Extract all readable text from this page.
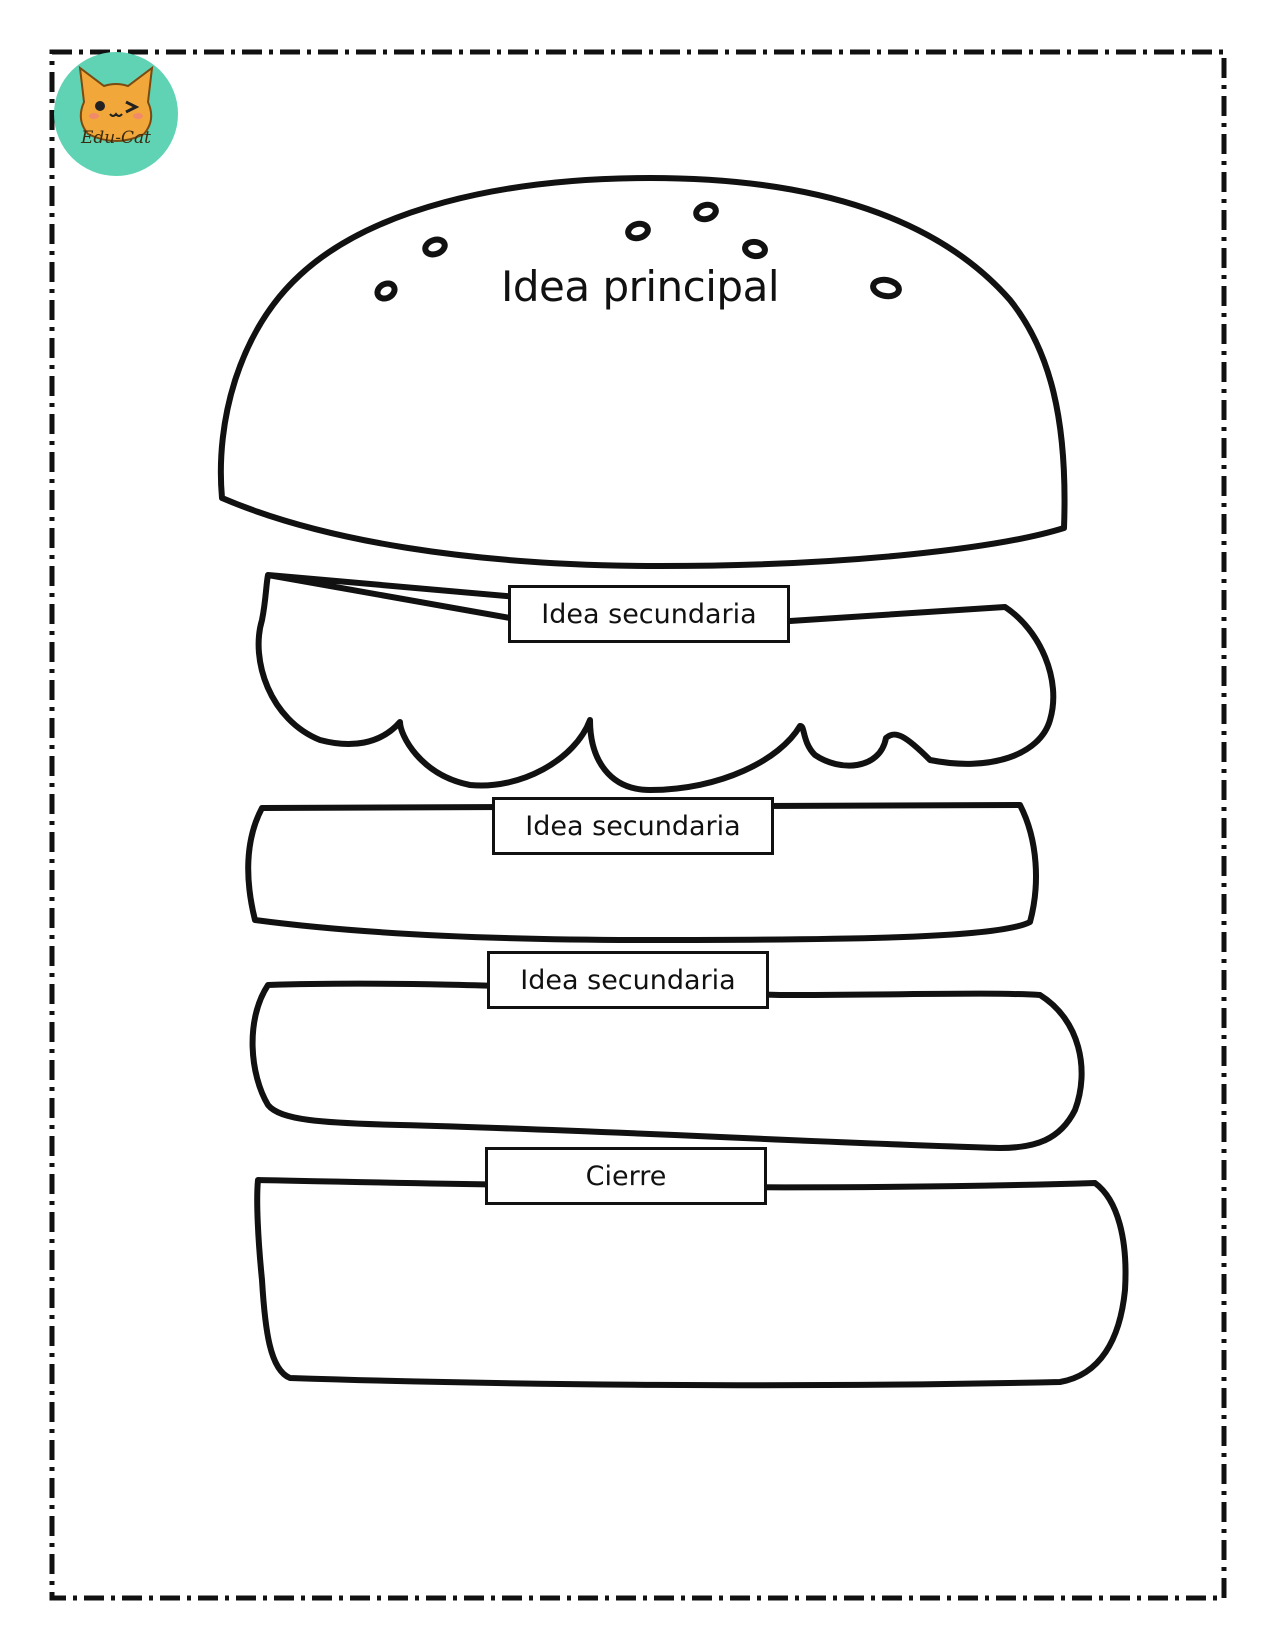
Edu-Cat
Idea principal
Idea secundaria
Idea secundaria
Idea secundaria
Cierre
